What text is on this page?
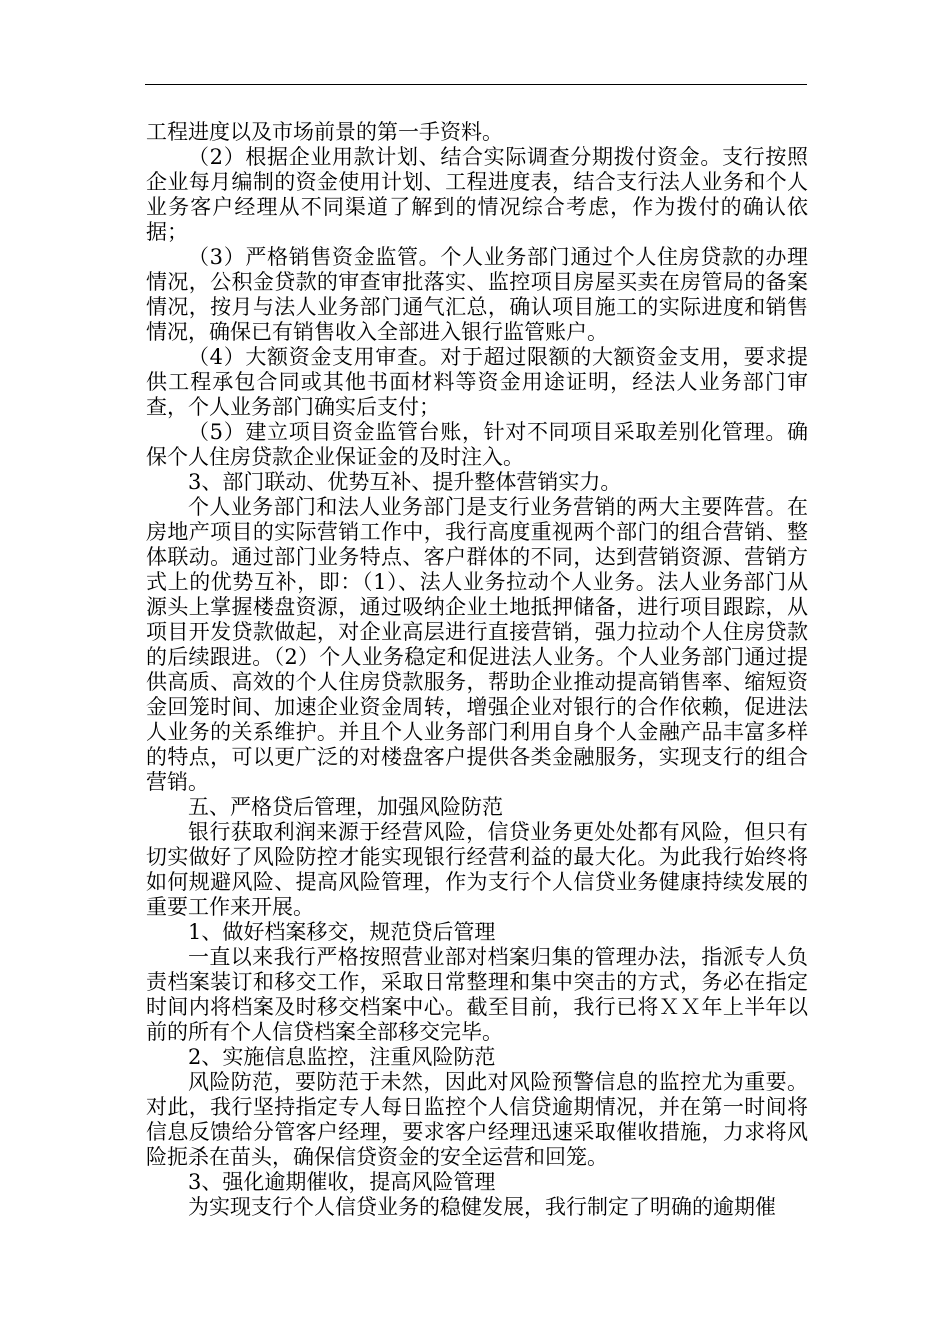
工程进度以及市场前景的第一手资料。

（2）根据企业用款计划、结合实际调查分期拨付资金。支行按照企业每月编制的资金使用计划、工程进度表，结合支行法人业务和个人业务客户经理从不同渠道了解到的情况综合考虑，作为拨付的确认依据；

（3）严格销售资金监管。个人业务部门通过个人住房贷款的办理情况，公积金贷款的审查审批落实、监控项目房屋买卖在房管局的备案情况，按月与法人业务部门通气汇总，确认项目施工的实际进度和销售情况，确保已有销售收入全部进入银行监管账户。

（4）大额资金支用审查。对于超过限额的大额资金支用，要求提供工程承包合同或其他书面材料等资金用途证明，经法人业务部门审查，个人业务部门确实后支付；

（5）建立项目资金监管台账，针对不同项目采取差别化管理。确保个人住房贷款企业保证金的及时注入。

3、部门联动、优势互补、提升整体营销实力。

个人业务部门和法人业务部门是支行业务营销的两大主要阵营。在房地产项目的实际营销工作中，我行高度重视两个部门的组合营销、整体联动。通过部门业务特点、客户群体的不同，达到营销资源、营销方式上的优势互补，即：（1）、法人业务拉动个人业务。法人业务部门从源头上掌握楼盘资源，通过吸纳企业土地抵押储备，进行项目跟踪，从项目开发贷款做起，对企业高层进行直接营销，强力拉动个人住房贷款的后续跟进。（2）个人业务稳定和促进法人业务。个人业务部门通过提供高质、高效的个人住房贷款服务，帮助企业推动提高销售率、缩短资金回笼时间、加速企业资金周转，增强企业对银行的合作依赖，促进法人业务的关系维护。并且个人业务部门利用自身个人金融产品丰富多样的特点，可以更广泛的对楼盘客户提供各类金融服务，实现支行的组合营销。

五、严格贷后管理，加强风险防范

银行获取利润来源于经营风险，信贷业务更处处都有风险，但只有切实做好了风险防控才能实现银行经营利益的最大化。为此我行始终将如何规避风险、提高风险管理，作为支行个人信贷业务健康持续发展的重要工作来开展。

1、做好档案移交，规范贷后管理

一直以来我行严格按照营业部对档案归集的管理办法，指派专人负责档案装订和移交工作，采取日常整理和集中突击的方式，务必在指定时间内将档案及时移交档案中心。截至目前，我行已将ＸＸ年上半年以前的所有个人信贷档案全部移交完毕。

2、实施信息监控，注重风险防范

风险防范，要防范于未然，因此对风险预警信息的监控尤为重要。对此，我行坚持指定专人每日监控个人信贷逾期情况，并在第一时间将信息反馈给分管客户经理，要求客户经理迅速采取催收措施，力求将风险扼杀在苗头，确保信贷资金的安全运营和回笼。

3、强化逾期催收，提高风险管理

为实现支行个人信贷业务的稳健发展，我行制定了明确的逾期催
